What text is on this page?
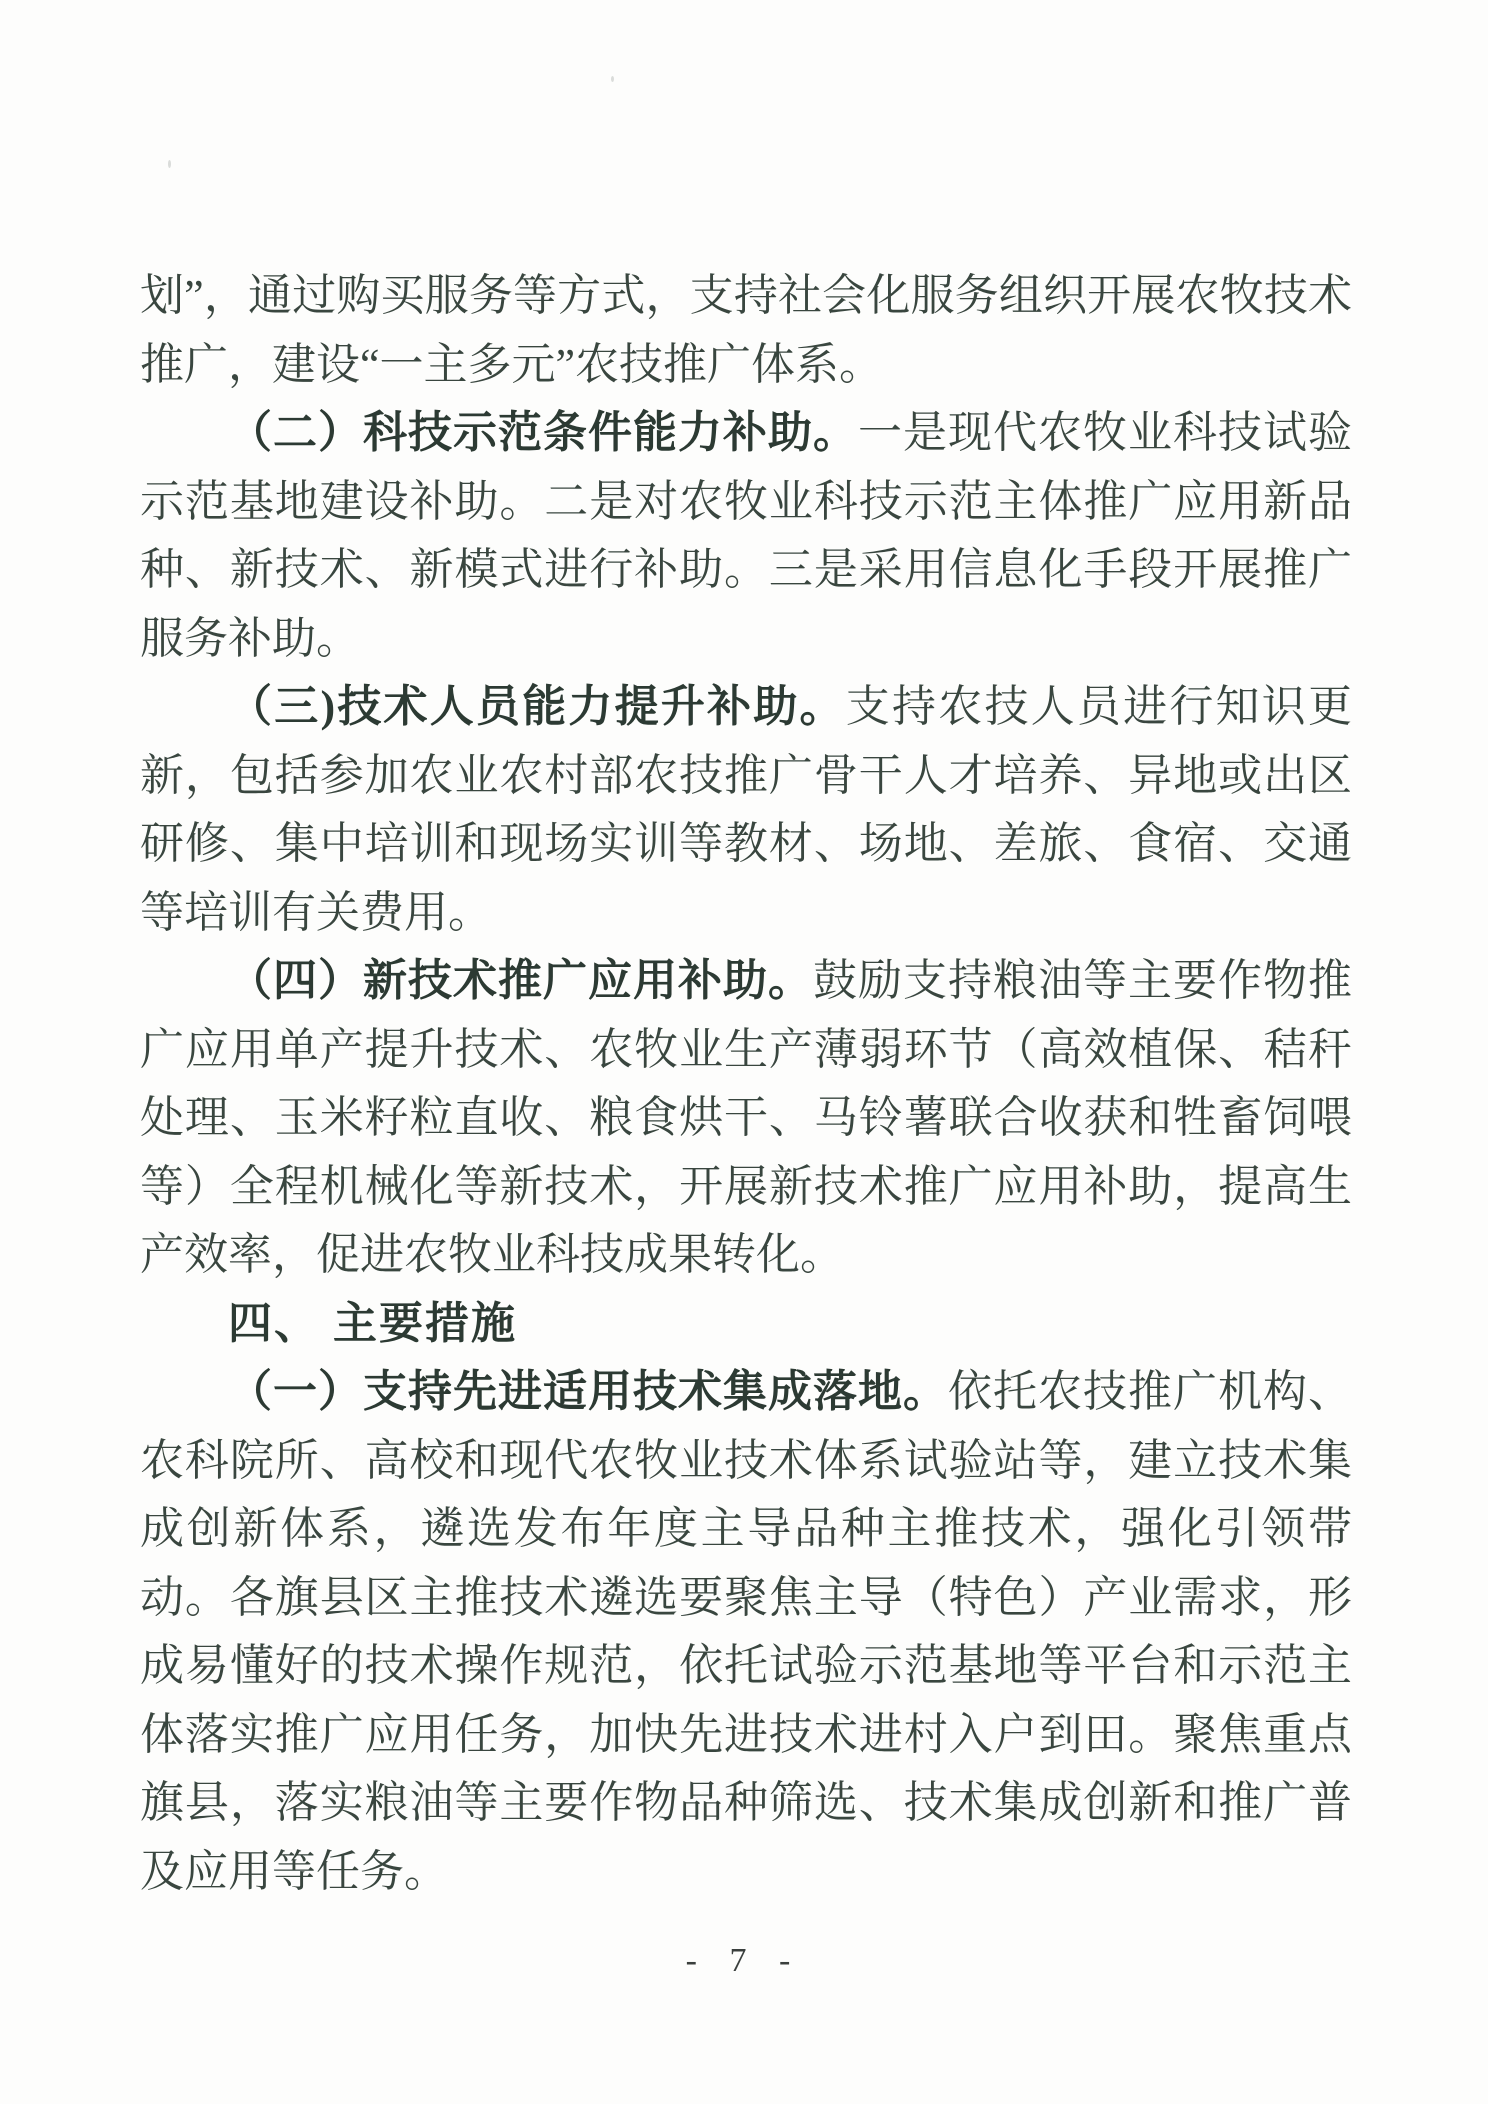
划”，通过购买服务等方式，支持社会化服务组织开展农牧技术推广，建设“一主多元”农技推广体系。

（二）科技示范条件能力补助。一是现代农牧业科技试验示范基地建设补助。二是对农牧业科技示范主体推广应用新品种、新技术、新模式进行补助。三是采用信息化手段开展推广服务补助。

（三)技术人员能力提升补助。支持农技人员进行知识更新，包括参加农业农村部农技推广骨干人才培养、异地或出区研修、集中培训和现场实训等教材、场地、差旅、食宿、交通等培训有关费用。

（四）新技术推广应用补助。鼓励支持粮油等主要作物推广应用单产提升技术、农牧业生产薄弱环节（高效植保、秸秆处理、玉米籽粒直收、粮食烘干、马铃薯联合收获和牲畜饲喂等）全程机械化等新技术，开展新技术推广应用补助，提高生产效率，促进农牧业科技成果转化。

四、 主要措施

（一）支持先进适用技术集成落地。依托农技推广机构、农科院所、高校和现代农牧业技术体系试验站等，建立技术集成创新体系，遴选发布年度主导品种主推技术，强化引领带动。各旗县区主推技术遴选要聚焦主导（特色）产业需求，形成易懂好的技术操作规范，依托试验示范基地等平台和示范主体落实推广应用任务，加快先进技术进村入户到田。聚焦重点旗县，落实粮油等主要作物品种筛选、技术集成创新和推广普及应用等任务。

- 7 -
